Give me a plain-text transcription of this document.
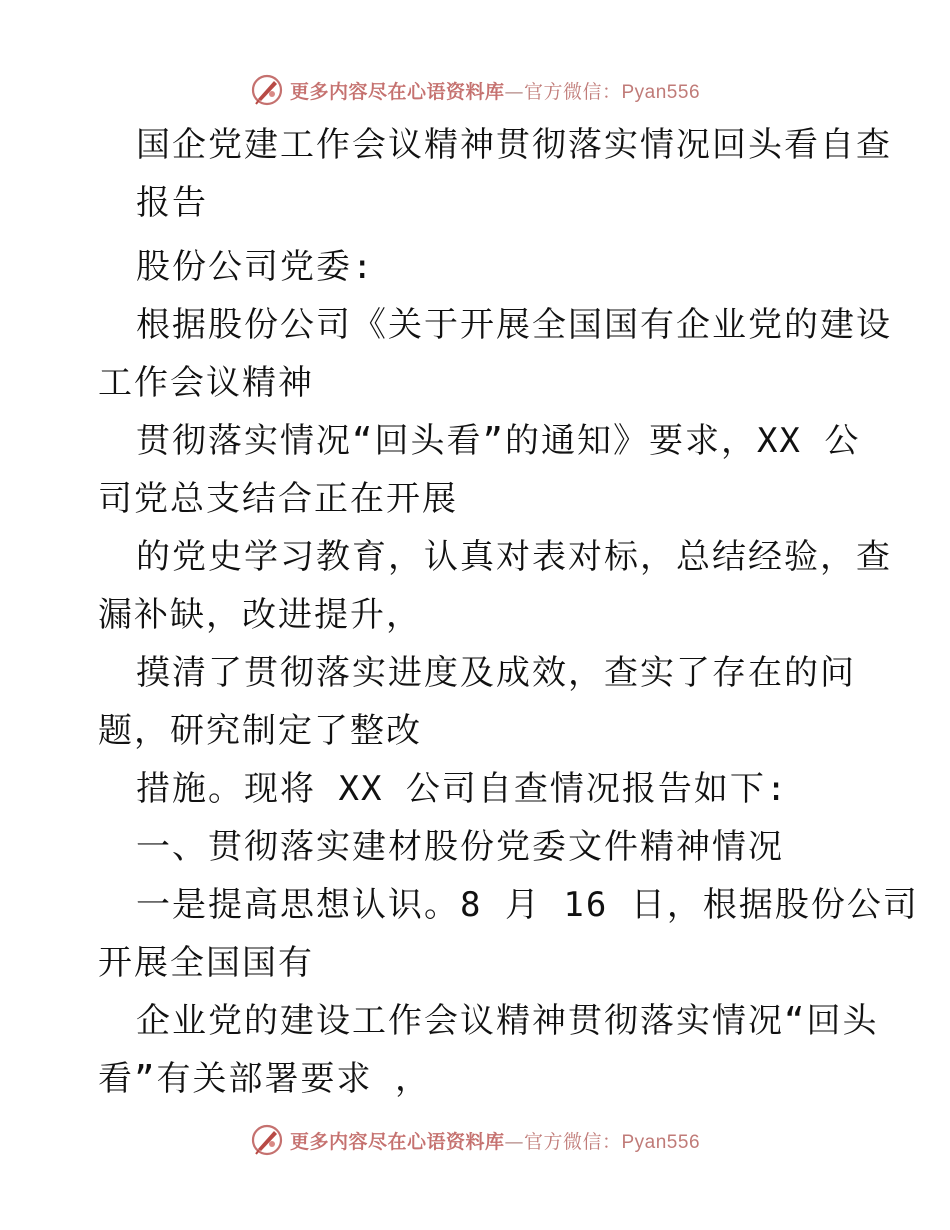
更多内容尽在心语资料库—官方微信：Pyan556
国企党建工作会议精神贯彻落实情况回头看自查
报告
股份公司党委:
根据股份公司《关于开展全国国有企业党的建设
工作会议精神
贯彻落实情况“回头看”的通知》要求，XX 公
司党总支结合正在开展
的党史学习教育，认真对表对标，总结经验，查
漏补缺，改进提升，
摸清了贯彻落实进度及成效，查实了存在的问
题，研究制定了整改
措施。现将 XX 公司自查情况报告如下:
一、贯彻落实建材股份党委文件精神情况
一是提高思想认识。8 月 16 日，根据股份公司
开展全国国有
企业党的建设工作会议精神贯彻落实情况“回头
看”有关部署要求 ，
更多内容尽在心语资料库—官方微信：Pyan556
